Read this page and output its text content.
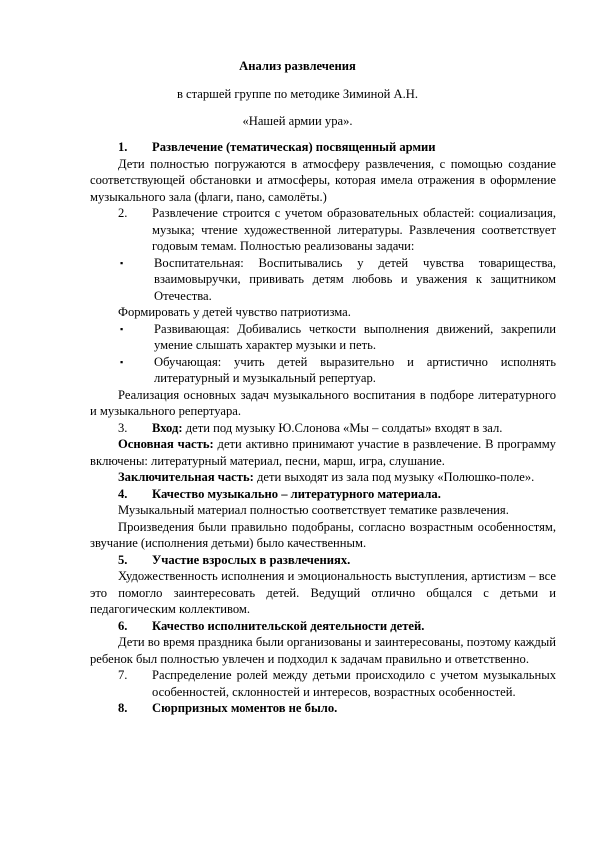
Анализ развлечения
в старшей группе по методике Зиминой А.Н.
«Нашей армии ура».
1.	Развлечение (тематическая) посвященный армии

Дети полностью погружаются в атмосферу развлечения, с помощью создание соответствующей обстановки и атмосферы, которая имела отражения в оформление музыкального зала (флаги, пано, самолёты.)

2.	Развлечение строится с учетом образовательных областей: социализация, музыка; чтение художественной литературы. Развлечения соответствует годовым темам. Полностью реализованы задачи:
▪	Воспитательная: Воспитывались у детей чувства товарищества, взаимовыручки, прививать детям любовь и уважения к защитником Отечества.

Формировать у детей чувство патриотизма.

▪	Развивающая: Добивались четкости выполнения движений, закрепили умение слышать характер музыки и петь.
▪	Обучающая: учить детей выразительно и артистично исполнять литературный и музыкальный репертуар.

Реализация основных задач музыкального воспитания в подборе литературного и музыкального репертуара.

3.	Вход: дети под музыку Ю.Слонова «Мы – солдаты» входят в зал.

Основная часть: дети активно принимают участие в развлечение. В программу включены: литературный материал, песни, марш, игра, слушание.

Заключительная часть: дети выходят из зала под музыку «Полюшко-поле».

4.	Качество музыкально – литературного материала.

Музыкальный материал полностью соответствует тематике развлечения.

Произведения были правильно подобраны, согласно возрастным особенностям, звучание (исполнения детьми) было качественным.

5.	Участие взрослых в развлечениях.

Художественность исполнения и эмоциональность выступления, артистизм – все это помогло заинтересовать детей. Ведущий отлично общался с детьми и педагогическим коллективом.

6.	Качество исполнительской деятельности детей.

Дети во время праздника были организованы и заинтересованы, поэтому каждый ребенок был полностью увлечен и подходил к задачам правильно и ответственно.

7.	Распределение ролей между детьми происходило с учетом музыкальных особенностей, склонностей и интересов, возрастных особенностей.
8.	Сюрпризных моментов не было.
